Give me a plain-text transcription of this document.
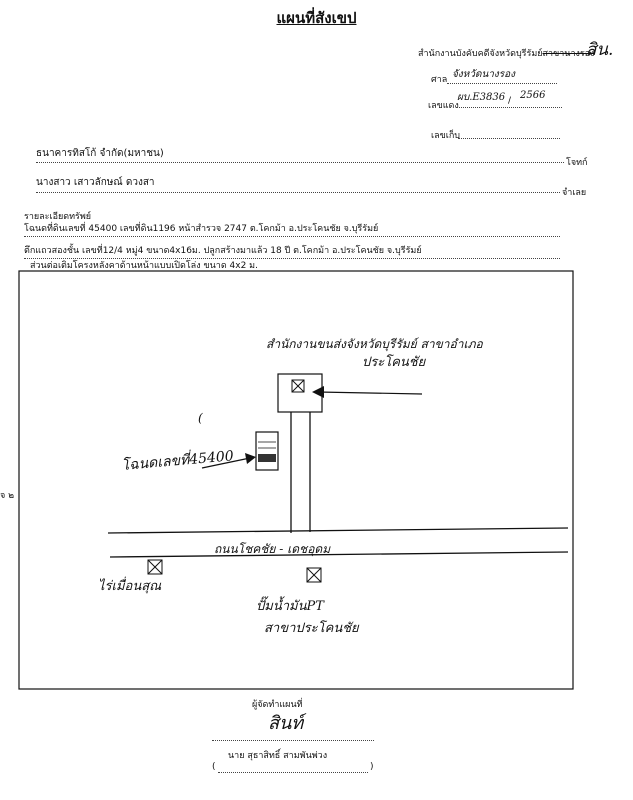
แผนที่สังเขป
สำนักงานบังคับคดีจังหวัดบุรีรัมย์สาขานางรอง
สิน.
ศาล จังหวัดนางรอง
เลขแดง
ผบ.E3836 / 2566
เลขเก็บ
ธนาคารทิสโก้ จำกัด(มหาชน)
โจทก์
นางสาว เสาวลักษณ์ ดวงสา
จำเลย
รายละเอียดทรัพย์
โฉนดที่ดินเลขที่ 45400 เลขที่ดิน1196 หน้าสำรวจ 2747 ต.โคกม้า อ.ประโคนชัย จ.บุรีรัมย์
ตึกแถวสองชั้น เลขที่12/4 หมู่4 ขนาด4x16ม. ปลูกสร้างมาแล้ว 18 ปี ต.โคกม้า อ.ประโคนชัย จ.บุรีรัมย์
ส่วนต่อเติมโครงหลังคาด้านหน้าแบบเปิดโล่ง ขนาด 4x2 ม.
จ ๒
สำนักงานขนส่งจังหวัดบุรีรัมย์ สาขาอำเภอ
ประโคนชัย
(
โฉนดเลขที่45400
ถนนโชคชัย - เดชอุดม
ไร่เมื่อนสุณ
ปั๊มน้ำมันPT
สาขาประโคนชัย
ผู้จัดทำแผนที่
สินท์
นาย สุธาสิทธิ์ สามพันพ่วง
(	)
